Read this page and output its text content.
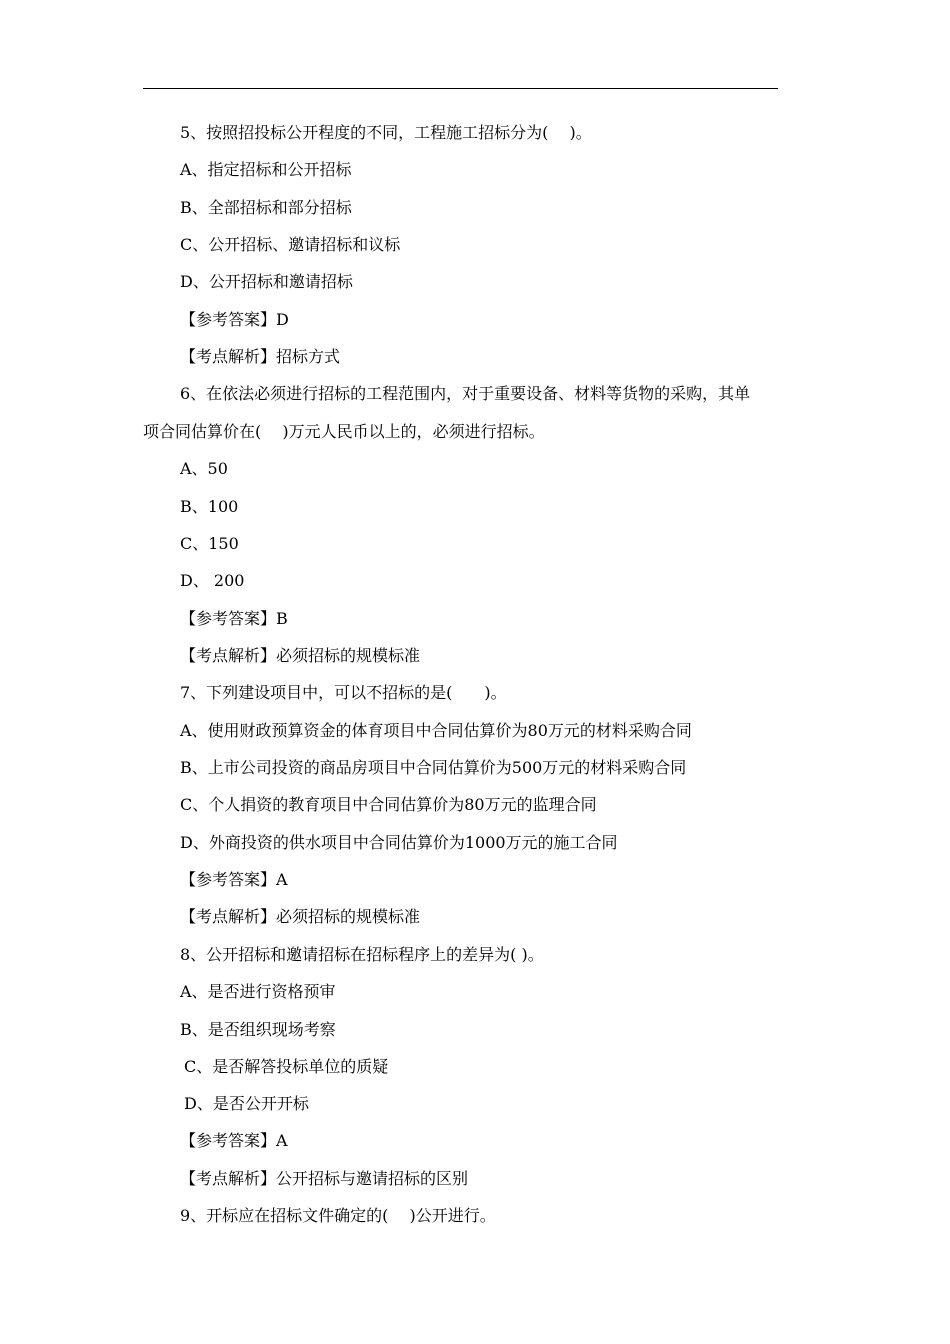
5、按照招投标公开程度的不同，工程施工招标分为(　 )。
A、指定招标和公开招标
B、全部招标和部分招标
C、公开招标、邀请招标和议标
D、公开招标和邀请招标
【参考答案】D
【考点解析】招标方式
6、在依法必须进行招标的工程范围内，对于重要设备、材料等货物的采购，其单
项合同估算价在(　 )万元人民币以上的，必须进行招标。
A、50
B、100
C、150
D、 200
【参考答案】B
【考点解析】必须招标的规模标准
7、下列建设项目中，可以不招标的是(　　)。
A、使用财政预算资金的体育项目中合同估算价为80万元的材料采购合同
B、上市公司投资的商品房项目中合同估算价为500万元的材料采购合同
C、个人捐资的教育项目中合同估算价为80万元的监理合同
D、外商投资的供水项目中合同估算价为1000万元的施工合同
【参考答案】A
【考点解析】必须招标的规模标准
8、公开招标和邀请招标在招标程序上的差异为( )。
A、是否进行资格预审
B、是否组织现场考察
C、是否解答投标单位的质疑
D、是否公开开标
【参考答案】A
【考点解析】公开招标与邀请招标的区别
9、开标应在招标文件确定的(　 )公开进行。
